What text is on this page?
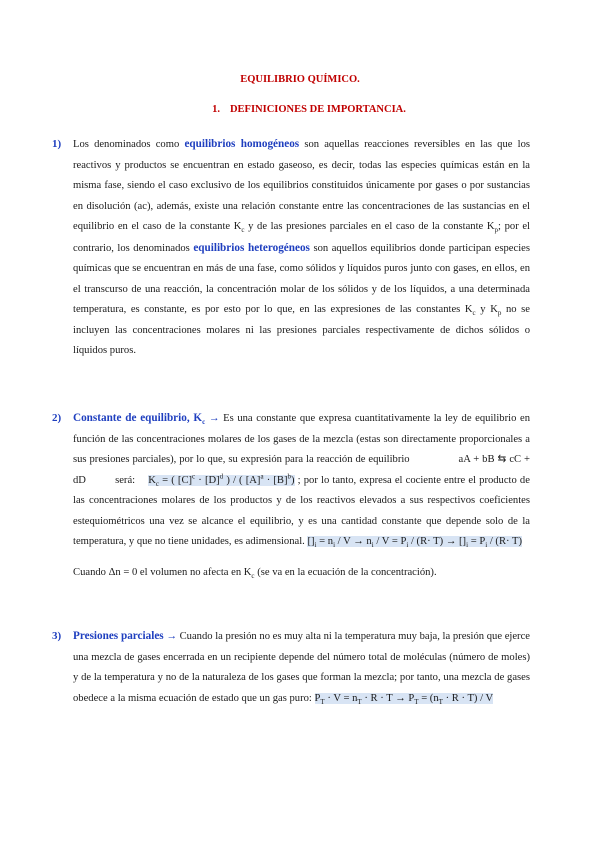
EQUILIBRIO QUÍMICO.
1. DEFINICIONES DE IMPORTANCIA.
1) Los denominados como equilibrios homogéneos son aquellas reacciones reversibles en las que los reactivos y productos se encuentran en estado gaseoso, es decir, todas las especies químicas están en la misma fase, siendo el caso exclusivo de los equilibrios constituidos únicamente por gases o por sustancias en disolución (ac), además, existe una relación constante entre las concentraciones de las sustancias en el equilibrio en el caso de la constante $K_c$ y de las presiones parciales en el caso de la constante $K_p$; por el contrario, los denominados equilibrios heterogéneos son aquellos equilibrios donde participan especies químicas que se encuentran en más de una fase, como sólidos y líquidos puros junto con gases, en ellos, en el transcurso de una reacción, la concentración molar de los sólidos y de los líquidos, a una determinada temperatura, es constante, es por esto por lo que, en las expresiones de las constantes $K_c$ y $K_p$ no se incluyen las concentraciones molares ni las presiones parciales respectivamente de dichos sólidos o líquidos puros.
2) Constante de equilibrio, $K_c \to Es$ una constante que expresa cuantitativamente la ley de equilibrio en función de las concentraciones molares de los gases de la mezcla (estas son directamente proporcionales a sus presiones parciales), por lo que, su expresión para la reacción de equilibrio	aA + bB ⇆ cC + dD	será: $K_c$ = ( $[C]^c \cdot [D]^d$ ) / ( $[A]^a \cdot [B]^b$) ; por lo tanto, expresa el cociente entre el producto de las concentraciones molares de los productos y de los reactivos elevados a sus respectivos coeficientes estequiométricos una vez se alcance el equilibrio, y es una cantidad constante que depende solo de la temperatura, y que no tiene unidades, es adimensional. $[]_i = n_i / V \to n_i / V = P_i / (R\cdot T) \to []_i = P_i / (R\cdot T)$
Cuando Δn = 0 el volumen no afecta en $K_c$ (se va en la ecuación de la concentración).
3) Presiones parciales → Cuando la presión no es muy alta ni la temperatura muy baja, la presión que ejerce una mezcla de gases encerrada en un recipiente depende del número total de moléculas (número de moles) y de la temperatura y no de la naturaleza de los gases que forman la mezcla; por tanto, una mezcla de gases obedece a la misma ecuación de estado que un gas puro: $P_T \cdot V = n_T \cdot R \cdot T \to P_T = (n_T \cdot R \cdot T) / V$
